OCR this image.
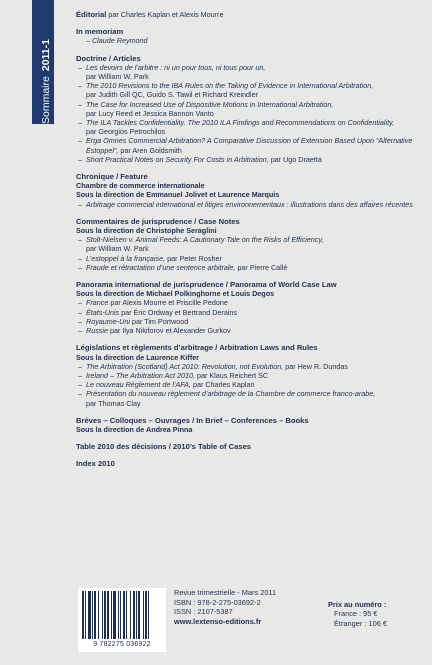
Sommaire2011-1
Éditorial par Charles Kaplan et Alexis Mourre
In memoriam
– Claude Reymond
Doctrine / Articles
– Les devoirs de l’arbitre : ni un pour tous, ni tous pour un,
par William W. Park
– The 2010 Revisions to the IBA Rules on the Taking of Evidence in International Arbitration,
par Judith Gill QC, Guido S. Tawil et Richard Kreindler
– The Case for Increased Use of Dispositive Motions in International Arbitration,
par Lucy Reed et Jessica Bannon Vanto
– The ILA Tackles Confidentiality. The 2010 ILA Findings and Recommendations on Confidentiality,
par Georgios Petrochilos
– Erga Omnes Commercial Arbitration? A Comparative Discussion of Extension Based Upon “Alternative Estoppel”, par Aren Goldsmith
– Short Practical Notes on Security For Costs in Arbitration, par Ugo Draetta
Chronique / Feature
Chambre de commerce internationale
Sous la direction de Emmanuel Jolivet et Laurence Marquis
– Arbitrage commercial international et litiges environnementaux : illustrations dans des affaires récentes
Commentaires de jurisprudence / Case Notes
Sous la direction de Christophe Seraglini
– Stolt-Nielsen v. Animal Feeds: A Cautionary Tale on the Risks of Efficiency,
par William W. Park
– L’estoppel à la française, par Peter Rosher
– Fraude et rétractation d’une sentence arbitrale, par Pierre Callé
Panorama international de jurisprudence / Panorama of World Case Law
Sous la direction de Michael Polkinghorne et Louis Degos
– France par Alexis Mourre et Priscille Pedone
– États-Unis par Éric Ordway et Bertrand Derains
– Royaume-Uni par Tim Portwood
– Russie par Ilya Nikiforov et Alexander Gurkov
Législations et règlements d’arbitrage / Arbitration Laws and Rules
Sous la direction de Laurence Kiffer
– The Arbitration (Scotland) Act 2010: Revolution, not Evolution, par Hew R. Dundas
– Ireland – The Arbitration Act 2010, par Klaus Reichert SC
– Le nouveau Règlement de l’AFA, par Charles Kaplan
– Présentation du nouveau règlement d’arbitrage de la Chambre de commerce franco-arabe,
par Thomas Clay
Brèves – Colloques – Ouvrages / In Brief – Conferences – Books
Sous la direction de Andrea Pinna
Table 2010 des décisions / 2010’s Table of Cases
Index 2010
9 782275 036922
Revue trimestrielle - Mars 2011
ISBN : 978-2-275-03692-2
ISSN : 2107-5387
www.lextenso-editions.fr
Prix au numéro :
France : 95 €
Étranger : 106 €
